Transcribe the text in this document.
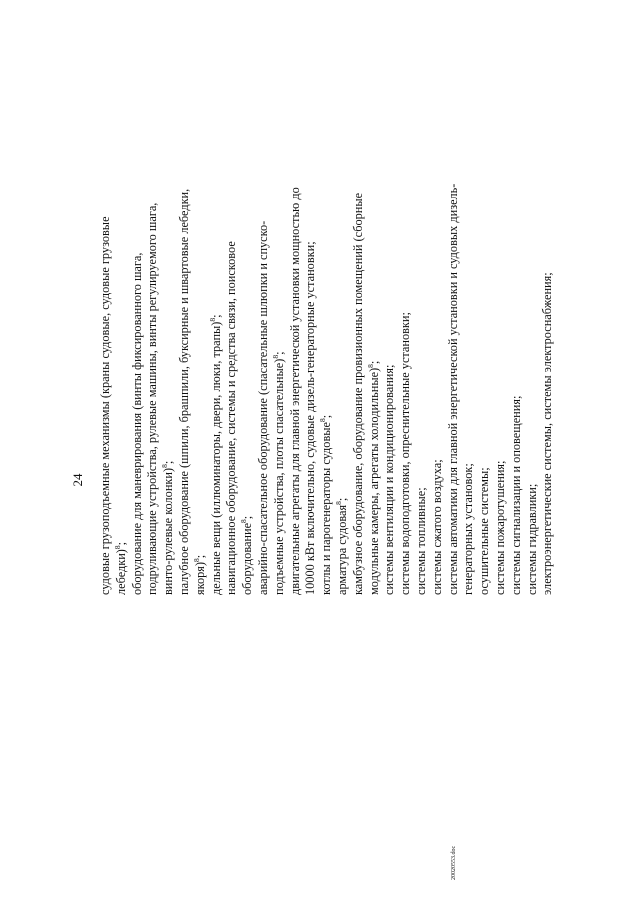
24 судовые грузоподъемные механизмы (краны судовые, судовые грузовые лебедки)$^8$; оборудование для маневрирования (винты фиксированного шага, подруливающие устройства, рулевые машины, винты регулируемого шага, винто-рулевые колонки)$^8$; палубное оборудование (шпили, брашпили, буксирные и швартовые лебедки, якоря)$^8$; дельные вещи (иллюминаторы, двери, люки, трапы)$^8$; навигационное оборудование, системы и средства связи, поисковое оборудование$^8$; аварийно-спасательное оборудование (спасательные шлюпки и спуско- подъемные устройства, плоты спасательные)$^8$; двигательные агрегаты для главной энергетической установки мощностью до 10000 кВт включительно, судовые дизель-генераторные установки; котлы и парогенераторы судовые$^8$;

арматура судовая$^8$; камбузное оборудование, оборудование провизионных помещений (сборные модульные камеры, агрегаты холодильные)$^8$;

системы вентиляции и кондиционирования; системы водоподготовки, опреснительные установки; системы топливные; системы сжатого воздуха; системы автоматики для главной энергетической установки и судовых дизель- генераторных установок; осушительные системы; системы пожаротушения; системы сигнализации и оповещения; системы гидравлики; электроэнергетические системы, системы электроснабжения;

20020553.doc
